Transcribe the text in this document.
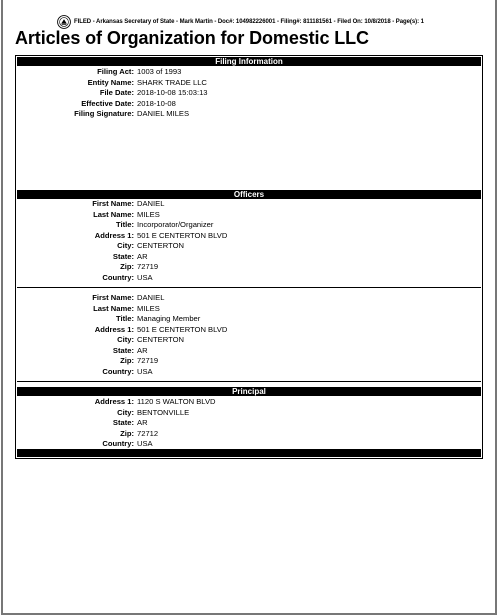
FILED - Arkansas Secretary of State - Mark Martin - Doc#: 104982226001 - Filing#: 811181561 - Filed On: 10/8/2018 - Page(s): 1
Articles of Organization for Domestic LLC
Filing Information
Filing Act: 1003 of 1993
Entity Name: SHARK TRADE LLC
File Date: 2018-10-08 15:03:13
Effective Date: 2018-10-08
Filing Signature: DANIEL MILES
Officers
First Name: DANIEL
Last Name: MILES
Title: Incorporator/Organizer
Address 1: 501 E CENTERTON BLVD
City: CENTERTON
State: AR
Zip: 72719
Country: USA
First Name: DANIEL
Last Name: MILES
Title: Managing Member
Address 1: 501 E CENTERTON BLVD
City: CENTERTON
State: AR
Zip: 72719
Country: USA
Principal
Address 1: 1120 S WALTON BLVD
City: BENTONVILLE
State: AR
Zip: 72712
Country: USA
